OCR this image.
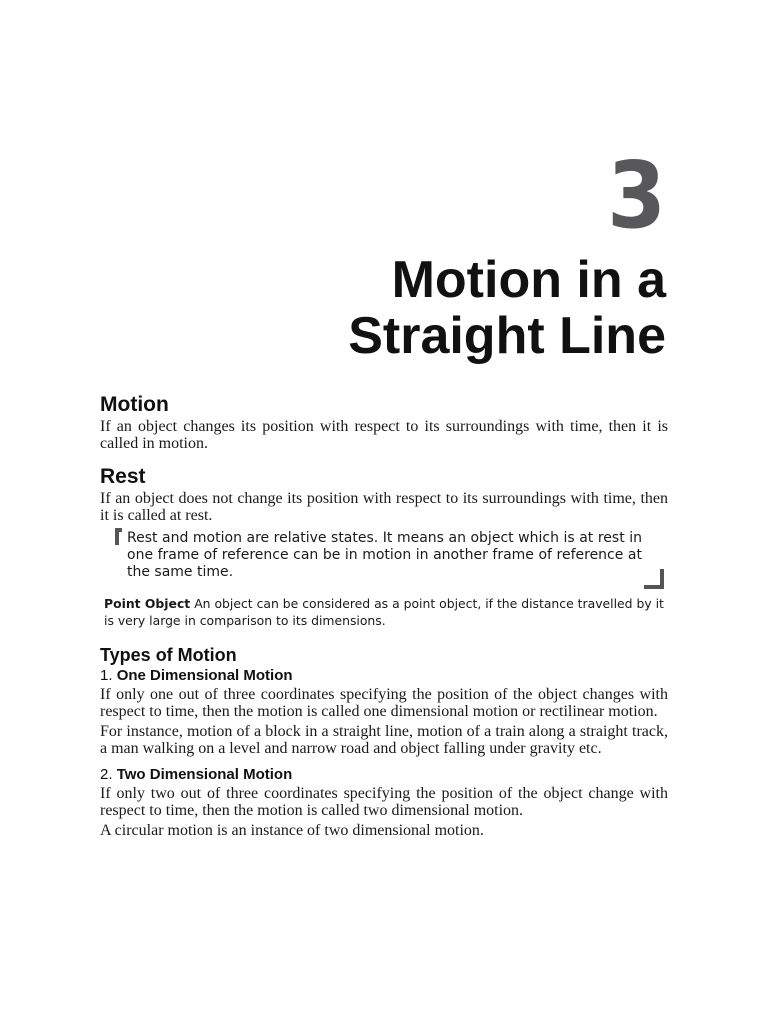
3
Motion in a
Straight Line
Motion

If an object changes its position with respect to its surroundings with time, then it is called in motion.

Rest

If an object does not change its position with respect to its surroundings with time, then it is called at rest.

Rest and motion are relative states. It means an object which is at rest in one frame of reference can be in motion in another frame of reference at the same time.
Point Object An object can be considered as a point object, if the distance travelled by it is very large in comparison to its dimensions.
Types of Motion
1. One Dimensional Motion

If only one out of three coordinates specifying the position of the object changes with respect to time, then the motion is called one dimensional motion or rectilinear motion.

For instance, motion of a block in a straight line, motion of a train along a straight track, a man walking on a level and narrow road and object falling under gravity etc.

2. Two Dimensional Motion

If only two out of three coordinates specifying the position of the object change with respect to time, then the motion is called two dimensional motion.

A circular motion is an instance of two dimensional motion.
